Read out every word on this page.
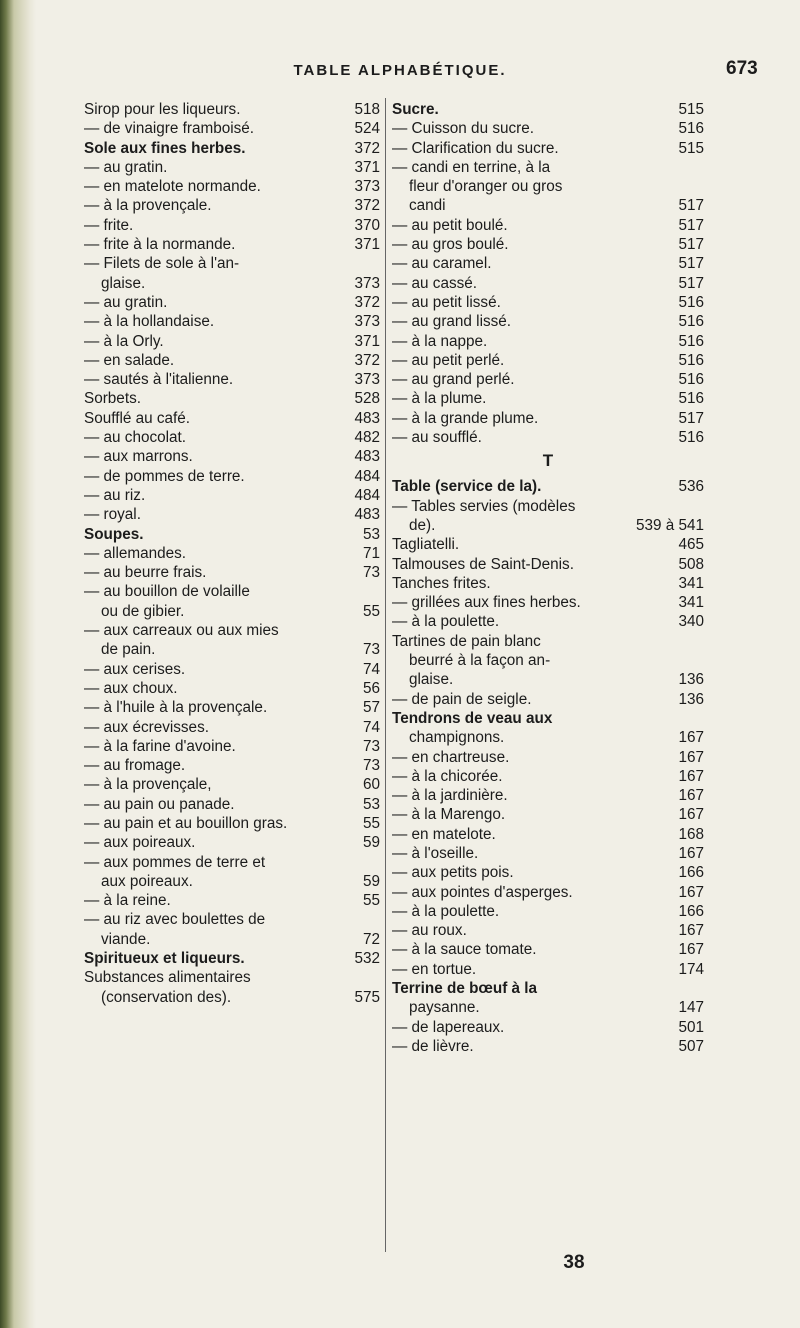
TABLE ALPHABÉTIQUE.	673
Sirop pour les liqueurs.	518
— de vinaigre framboisé.	524
Sole aux fines herbes.	372
— au gratin.	371
— en matelote normande.	373
— à la provençale.	372
— frite.	370
— frite à la normande.	371
— Filets de sole à l'an-
glaise.	373
— au gratin.	372
— à la hollandaise.	373
— à la Orly.	371
— en salade.	372
— sautés à l'italienne.	373
Sorbets.	528
Soufflé au café.	483
— au chocolat.	482
— aux marrons.	483
— de pommes de terre.	484
— au riz.	484
— royal.	483
Soupes.	53
— allemandes.	71
— au beurre frais.	73
— au bouillon de volaille
ou de gibier.	55
— aux carreaux ou aux mies
de pain.	73
— aux cerises.	74
— aux choux.	56
— à l'huile à la provençale.	57
— aux écrevisses.	74
— à la farine d'avoine.	73
— au fromage.	73
— à la provençale,	60
— au pain ou panade.	53
— au pain et au bouillon gras.	55
— aux poireaux.	59
— aux pommes de terre et
aux poireaux.	59
— à la reine.	55
— au riz avec boulettes de
viande.	72
Spiritueux et liqueurs.	532
Substances alimentaires
(conservation des).	575
Sucre.	515
— Cuisson du sucre.	516
— Clarification du sucre.	515
— candi en terrine, à la
fleur d'oranger ou gros
candi	517
— au petit boulé.	517
— au gros boulé.	517
— au caramel.	517
— au cassé.	517
— au petit lissé.	516
— au grand lissé.	516
— à la nappe.	516
— au petit perlé.	516
— au grand perlé.	516
— à la plume.	516
— à la grande plume.	517
— au soufflé.	516
T
Table (service de la).	536
— Tables servies (modèles
de).	539 à 541
Tagliatelli.	465
Talmouses de Saint-Denis.	508
Tanches frites.	341
— grillées aux fines herbes.	341
— à la poulette.	340
Tartines de pain blanc
beurré à la façon an-
glaise.	136
— de pain de seigle.	136
Tendrons de veau aux
champignons.	167
— en chartreuse.	167
— à la chicorée.	167
— à la jardinière.	167
— à la Marengo.	167
— en matelote.	168
— à l'oseille.	167
— aux petits pois.	166
— aux pointes d'asperges.	167
— à la poulette.	166
— au roux.	167
— à la sauce tomate.	167
— en tortue.	174
Terrine de bœuf à la
paysanne.	147
— de lapereaux.	501
— de lièvre.	507
38
